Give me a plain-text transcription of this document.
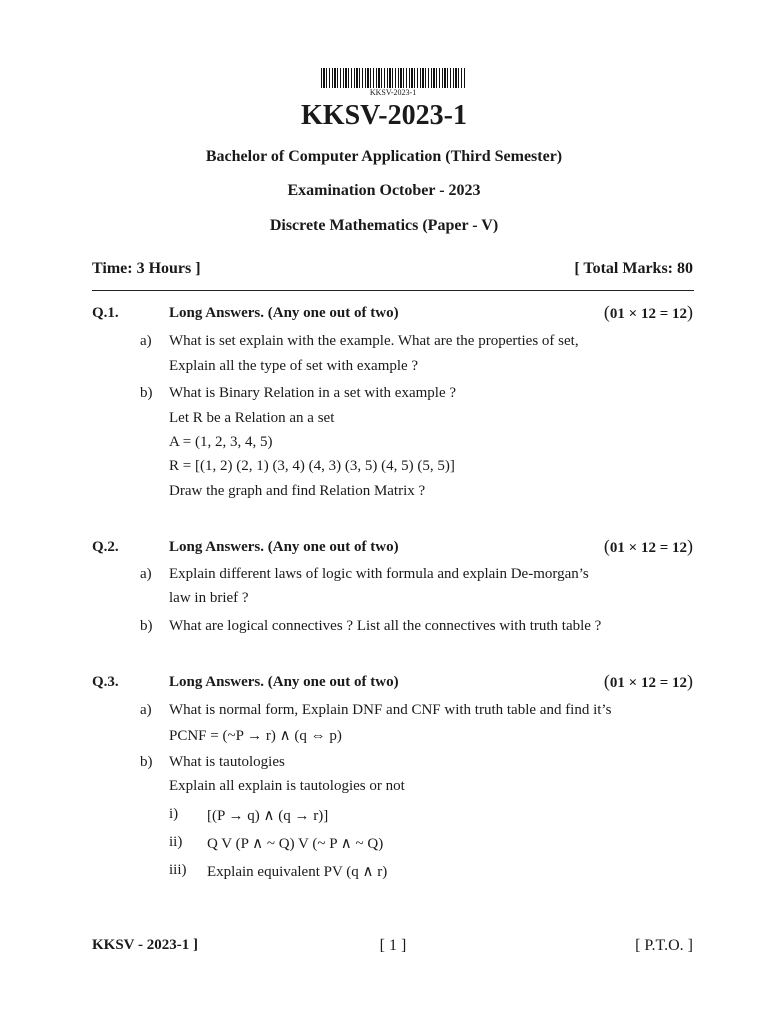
KKSV-2023-1
KKSV-2023-1
Bachelor of Computer Application (Third Semester)
Examination October - 2023
Discrete Mathematics (Paper - V)
Time: 3 Hours ]	[ Total Marks: 80
Q.1.	Long Answers. (Any one out of two)	(01 × 12 = 12)
a) What is set explain with the example. What are the properties of set,
Explain all the type of set with example ?
b) What is Binary Relation in a set with example ?
Let R be a Relation an a set
A = (1, 2, 3, 4, 5)
R = [(1, 2) (2, 1) (3, 4) (4, 3) (3, 5) (4, 5) (5, 5)]
Draw the graph and find Relation Matrix ?
Q.2.	Long Answers. (Any one out of two)	(01 × 12 = 12)
a) Explain different laws of logic with formula and explain De-morgan’s
law in brief ?
b) What are logical connectives ? List all the connectives with truth table ?
Q.3.	Long Answers. (Any one out of two)	(01 × 12 = 12)
a) What is normal form, Explain DNF and CNF with truth table and find it’s
PCNF = (~P → r) ∧ (q ⇔ p)
b) What is tautologies
Explain all explain is tautologies or not
i) [(P → q) ∧ (q → r)]
ii) Q V (P ∧ ~ Q) V (~ P ∧ ~ Q)
iii) Explain equivalent PV (q ∧ r)
KKSV - 2023-1 ]	[ 1 ]	[ P.T.O. ]
